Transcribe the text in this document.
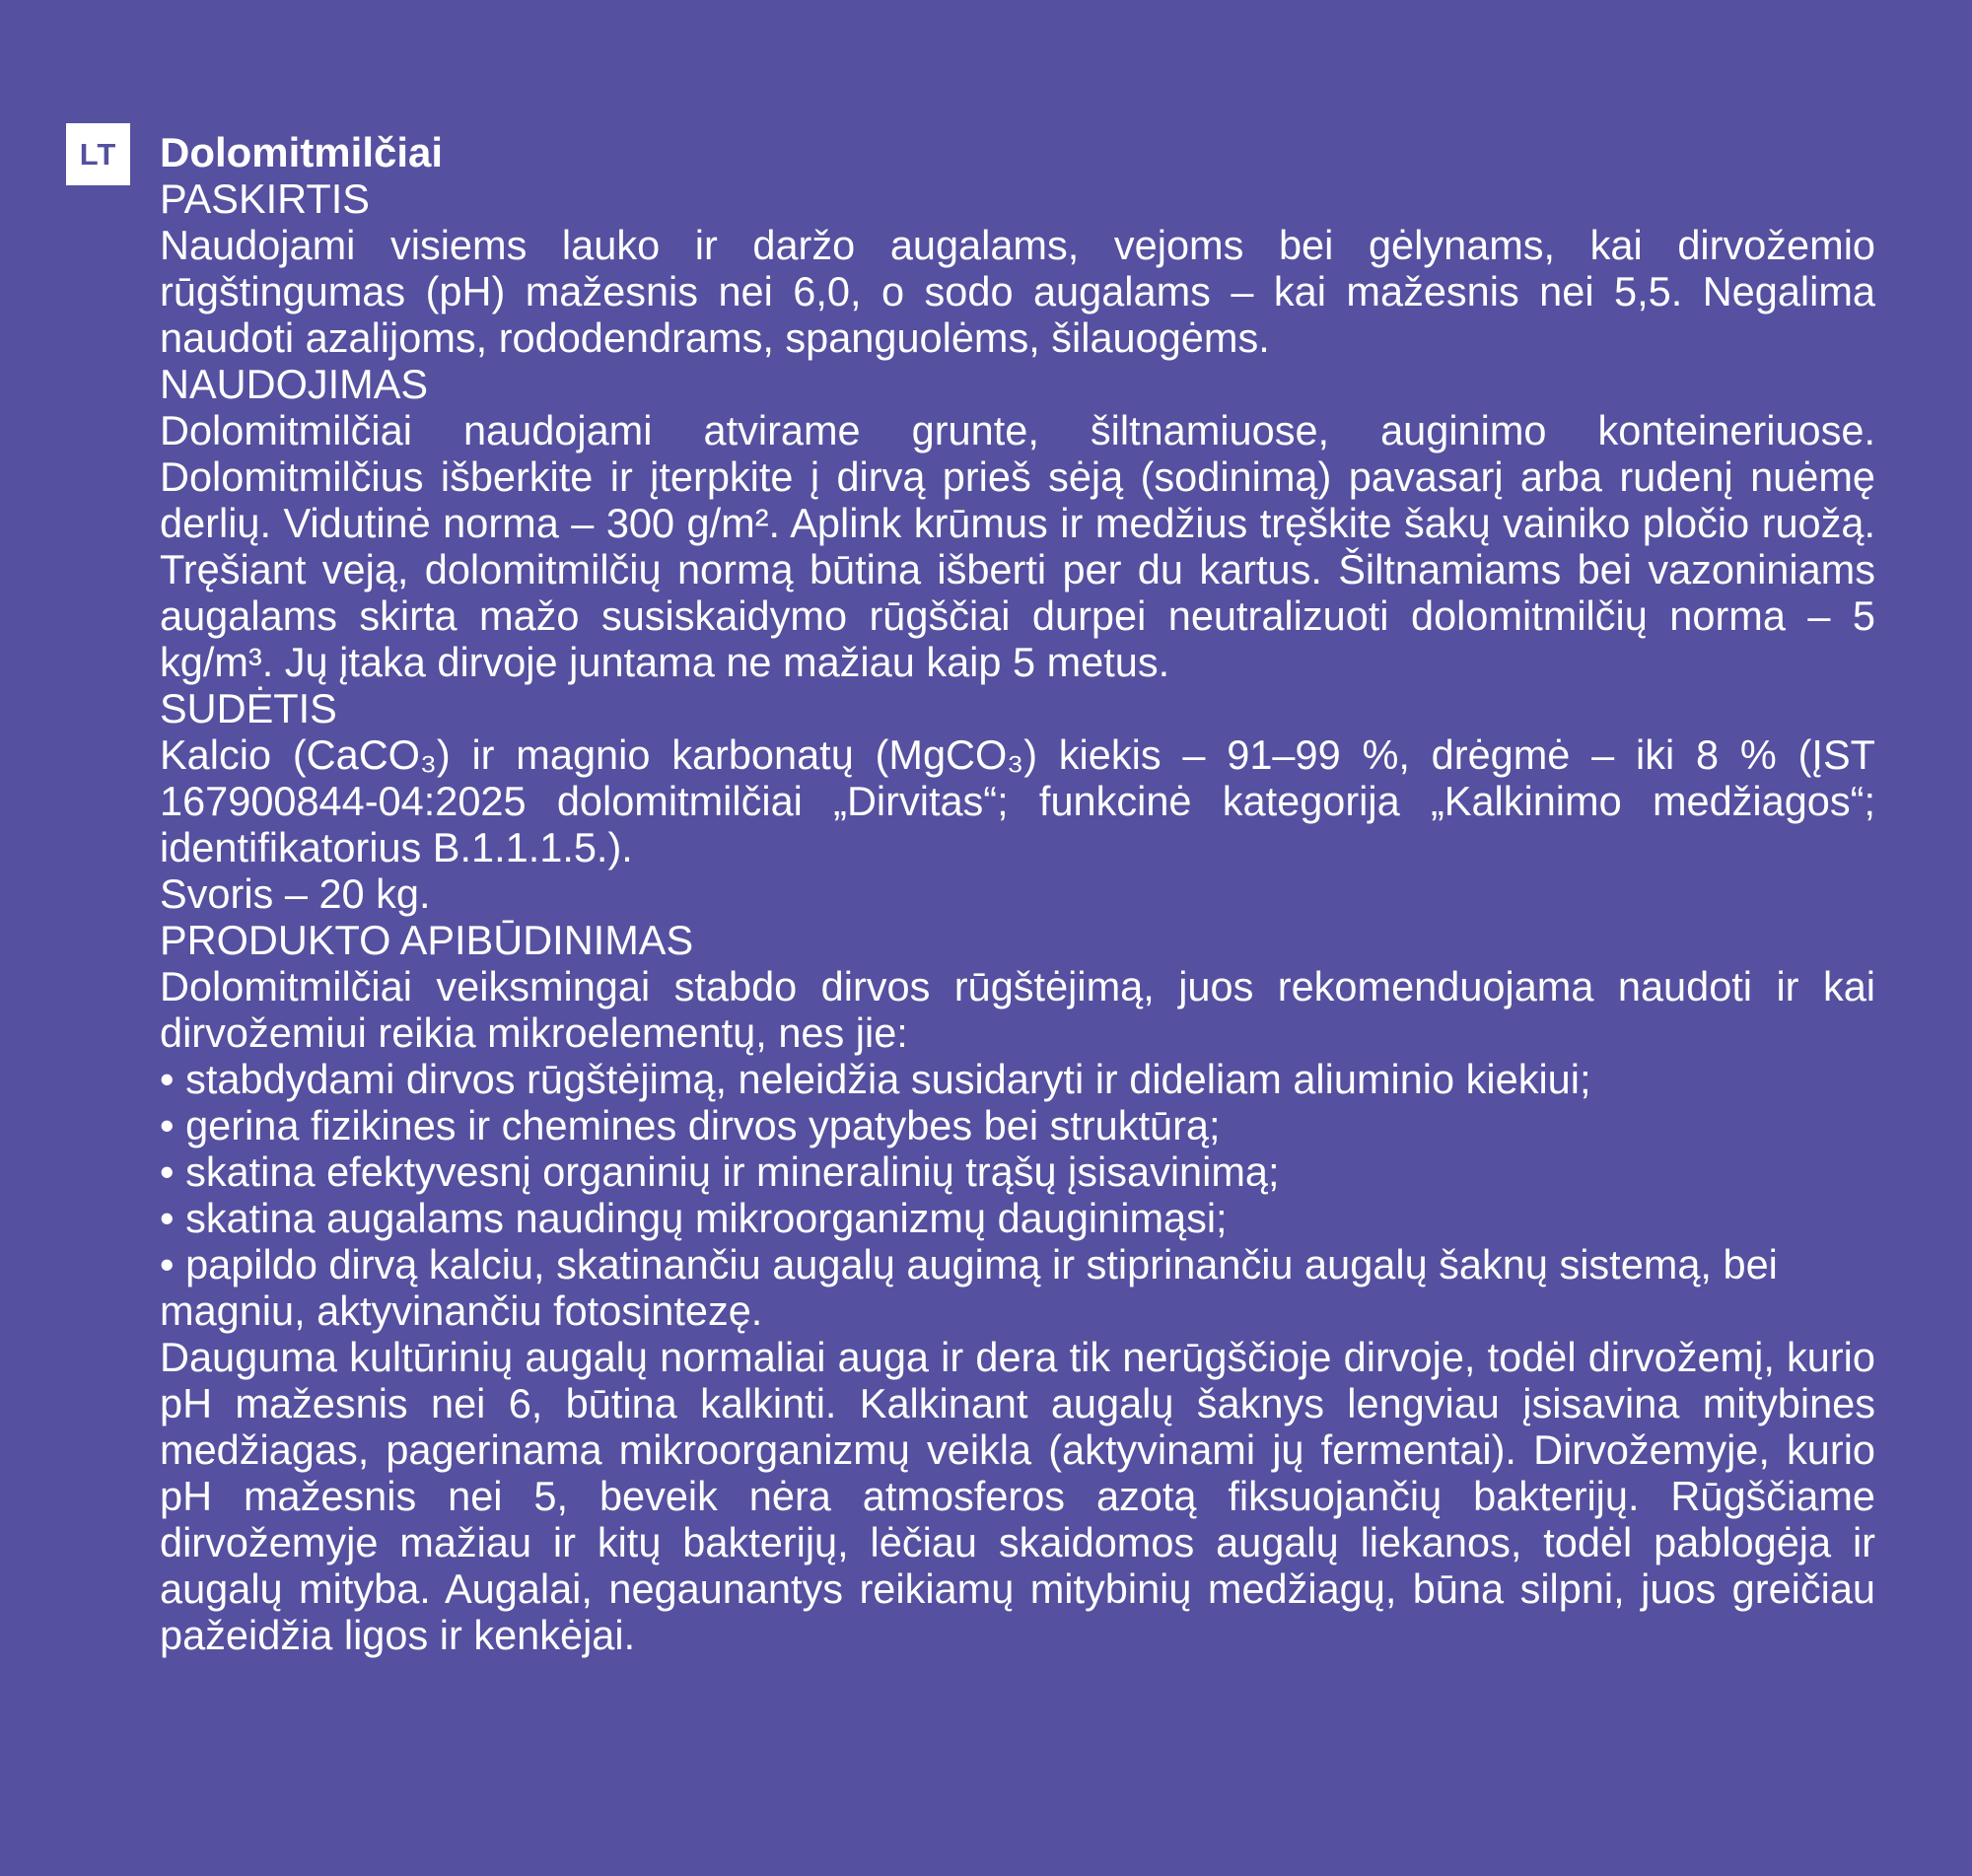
LT	Dolomitmilčiai

PASKIRTIS

Naudojami visiems lauko ir daržo augalams, vejoms bei gėlynams, kai dirvožemio rūgštingumas (pH) mažesnis nei 6,0, o sodo augalams – kai mažesnis nei 5,5. Negalima naudoti azalijoms, rododendrams, spanguolėms, šilauogėms.

NAUDOJIMAS

Dolomitmilčiai naudojami atvirame grunte, šiltnamiuose, auginimo konteineriuose. Dolomitmilčius išberkite ir įterpkite į dirvą prieš sėją (sodinimą) pavasarį arba rudenį nuėmę derlių. Vidutinė norma – 300 g/m². Aplink krūmus ir medžius tręškite šakų vainiko pločio ruožą. Tręšiant veją, dolomitmilčių normą būtina išberti per du kartus. Šiltnamiams bei vazoniniams augalams skirta mažo susiskaidymo rūgščiai durpei neutralizuoti dolomitmilčių norma – 5 kg/m³. Jų įtaka dirvoje juntama ne mažiau kaip 5 metus.

SUDĖTIS

Kalcio (CaCO₃) ir magnio karbonatų (MgCO₃) kiekis – 91–99 %, drėgmė – iki 8 % (ĮST 167900844-04:2025 dolomitmilčiai „Dirvitas“; funkcinė kategorija „Kalkinimo medžiagos“; identifikatorius B.1.1.1.5.).

Svoris – 20 kg.

PRODUKTO APIBŪDINIMAS

Dolomitmilčiai veiksmingai stabdo dirvos rūgštėjimą, juos rekomenduojama naudoti ir kai dirvožemiui reikia mikroelementų, nes jie:

• stabdydami dirvos rūgštėjimą, neleidžia susidaryti ir dideliam aliuminio kiekiui;
• gerina fizikines ir chemines dirvos ypatybes bei struktūrą;
• skatina efektyvesnį organinių ir mineralinių trąšų įsisavinimą;
• skatina augalams naudingų mikroorganizmų dauginimąsi;
• papildo dirvą kalciu, skatinančiu augalų augimą ir stiprinančiu augalų šaknų sistemą, bei magniu, aktyvinančiu fotosintezę.

Dauguma kultūrinių augalų normaliai auga ir dera tik nerūgščioje dirvoje, todėl dirvožemį, kurio pH mažesnis nei 6, būtina kalkinti. Kalkinant augalų šaknys lengviau įsisavina mitybines medžiagas, pagerinama mikroorganizmų veikla (aktyvinami jų fermentai). Dirvožemyje, kurio pH mažesnis nei 5, beveik nėra atmosferos azotą fiksuojančių bakterijų. Rūgščiame dirvožemyje mažiau ir kitų bakterijų, lėčiau skaidomos augalų liekanos, todėl pablogėja ir augalų mityba. Augalai, negaunantys reikiamų mitybinių medžiagų, būna silpni, juos greičiau pažeidžia ligos ir kenkėjai.
